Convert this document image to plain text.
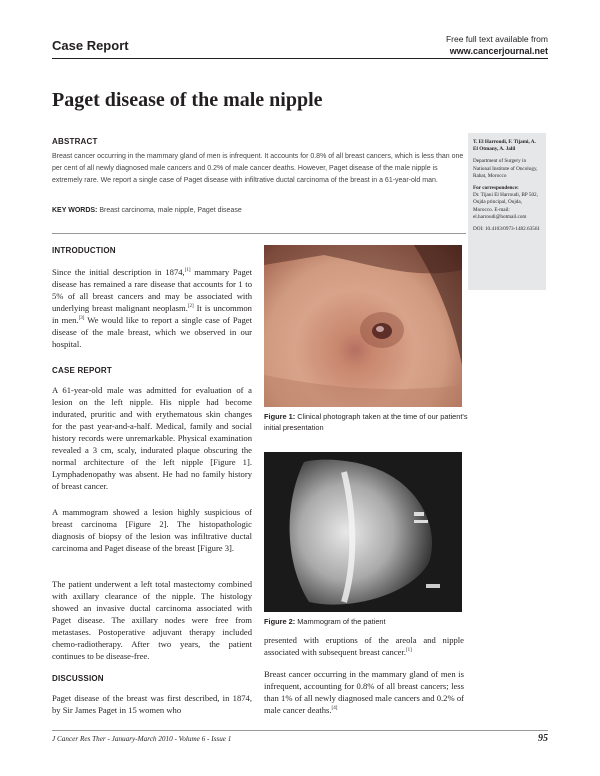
Case Report	Free full text available from
www.cancerjournal.net
Paget disease of the male nipple
ABSTRACT
Breast cancer occurring in the mammary gland of men is infrequent. It accounts for 0.8% of all breast cancers, which is less than one per cent of all newly diagnosed male cancers and 0.2% of male cancer deaths. However, Paget disease of the male nipple is extremely rare. We report a single case of Paget disease with infiltrative ductal carcinoma of the breast in a 61-year-old man.
KEY WORDS: Breast carcinoma, male nipple, Paget disease

T. El Harroudi, F. Tijami, A. El Otmany, A. Jalil

Department of Surgery in National Institute of Oncology, Rabat, Morocco

For correspondence:

Dr. Tijani El Harroudi, BP 502, Oujda principal, Oujda, Morocco. E-mail: el.harroudi@hotmail.com

DOI: 10.4103/0973-1482.63561

INTRODUCTION

Since the initial description in 1874,[1] mammary Paget disease has remained a rare disease that accounts for 1 to 5% of all breast cancers and may be associated with underlying breast malignant neoplasm.[2] It is uncommon in men.[3] We would like to report a single case of Paget disease of the male breast, which we observed in our hospital.

CASE REPORT

A 61-year-old male was admitted for evaluation of a lesion on the left nipple. His nipple had become indurated, pruritic and with erythematous skin changes for the past year-and-a-half. Medical, family and social history records were unremarkable. Physical examination revealed a 3 cm, scaly, indurated plaque obscuring the normal architecture of the left nipple [Figure 1]. Lymphadenopathy was absent. He had no family history of breast cancer.

A mammogram showed a lesion highly suspicious of breast carcinoma [Figure 2]. The histopathologic diagnosis of biopsy of the lesion was infiltrative ductal carcinoma and Paget disease of the breast [Figure 3].

The patient underwent a left total mastectomy combined with axillary clearance of the nipple. The histology showed an invasive ductal carcinoma associated with Paget disease. The axillary nodes were free from metastases. Postoperative adjuvant therapy included chemo-radiotherapy. After two years, the patient continues to be disease-free.

DISCUSSION

Paget disease of the breast was first described, in 1874, by Sir James Paget in 15 women who

Figure 1: Clinical photograph taken at the time of our patient's initial presentation
Figure 2: Mammogram of the patient

presented with eruptions of the areola and nipple associated with subsequent breast cancer.[1]

Breast cancer occurring in the mammary gland of men is infrequent, accounting for 0.8% of all breast cancers; less than 1% of all newly diagnosed male cancers and 0.2% of male cancer deaths.[4]

J Cancer Res Ther - January-March 2010 - Volume 6 - Issue 1	95
